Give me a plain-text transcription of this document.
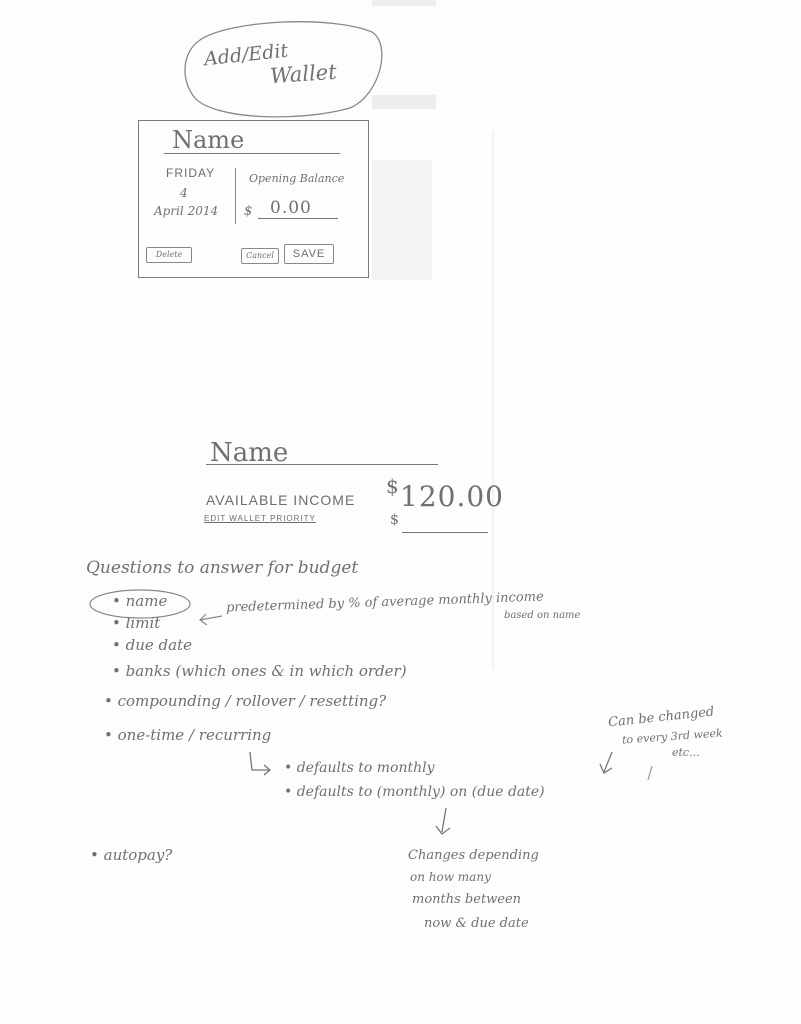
Add/Edit
Wallet
Name
FRIDAY
4
April 2014
Opening Balance
$ 0.00
Delete	Cancel	SAVE
Name
AVAILABLE INCOME
EDIT WALLET PRIORITY
$ 120.00
$
Questions to answer for budget
• name
• limit
• due date
• banks (which ones & in which order)
• compounding / rollover / resetting?
• one-time / recurring
predetermined by % of average monthly income
based on name
• defaults to monthly
• defaults to (monthly) on (due date)
Can be changed
to every 3rd week
etc...
• autopay?	Changes depending
on how many
months between
now & due date
